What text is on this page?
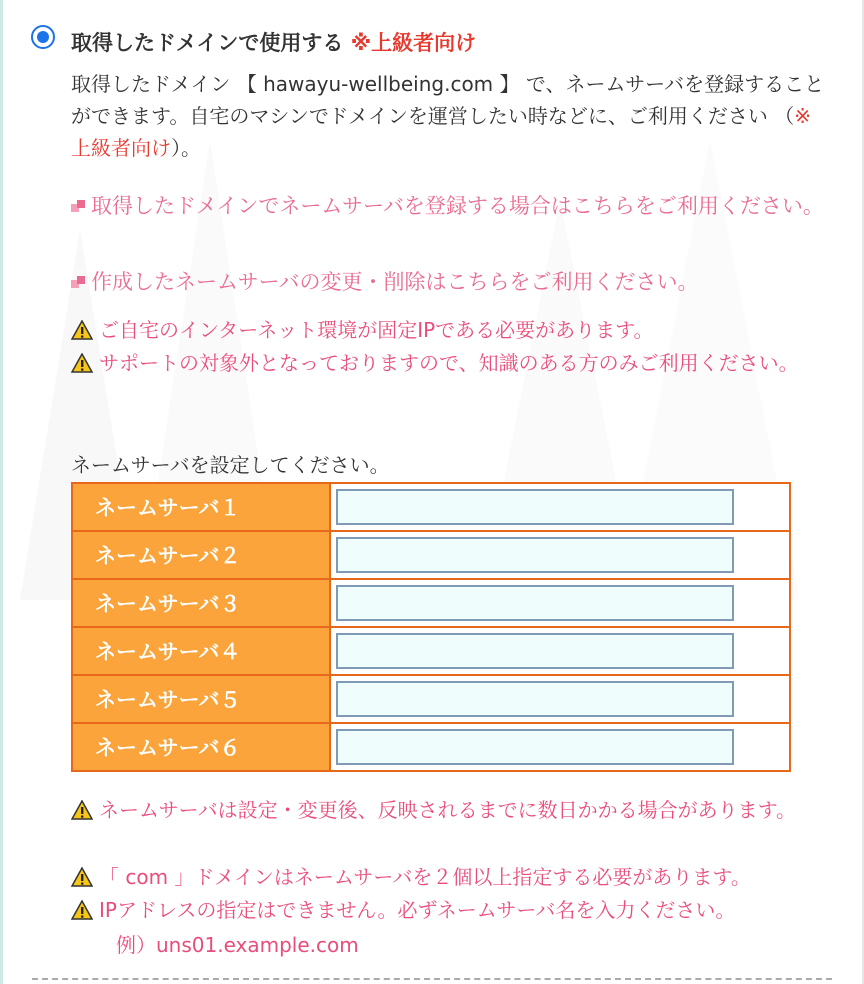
取得したドメインで使用する ※上級者向け
取得したドメイン 【 hawayu-wellbeing.com 】 で、ネームサーバを登録することができます。自宅のマシンでドメインを運営したい時などに、ご利用ください （※上級者向け）。
取得したドメインでネームサーバを登録する場合はこちらをご利用ください。
作成したネームサーバの変更・削除はこちらをご利用ください。
ご自宅のインターネット環境が固定IPである必要があります。
サポートの対象外となっておりますので、知識のある方のみご利用ください。
ネームサーバを設定してください。
ネームサーバ１	
ネームサーバ２	
ネームサーバ３	
ネームサーバ４	
ネームサーバ５	
ネームサーバ６	
ネームサーバは設定・変更後、反映されるまでに数日かかる場合があります。
「 com 」ドメインはネームサーバを２個以上指定する必要があります。
IPアドレスの指定はできません。必ずネームサーバ名を入力ください。
例）uns01.example.com
